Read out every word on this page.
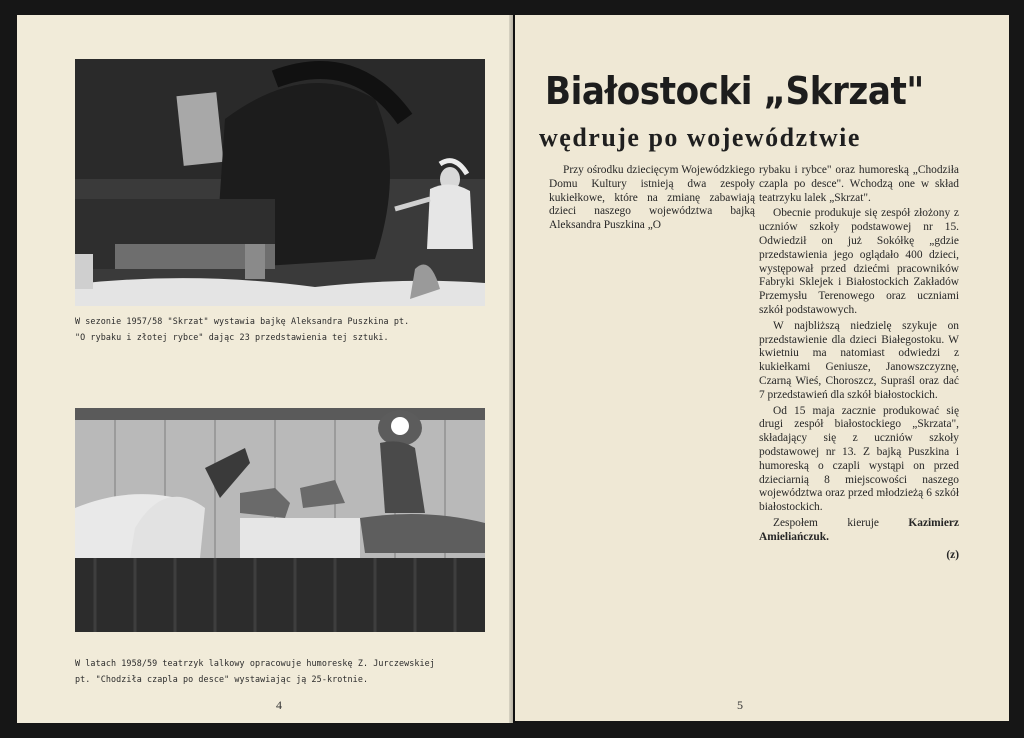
W sezonie 1957/58 "Skrzat" wystawia bajkę Aleksandra Puszkina pt.
"O rybaku i złotej rybce" dając 23 przedstawienia tej sztuki.
W latach 1958/59 teatrzyk lalkowy opracowuje humoreskę Z. Jurczewskiej
pt. "Chodziła czapla po desce" wystawiając ją 25-krotnie.
4
Białostocki „Skrzat"
wędruje po województwie

Przy ośrodku dziecięcym Wojewódzkiego Domu Kultury istnieją dwa zespoły kukiełkowe, które na zmianę zabawiają dzieci naszego województwa bajką Aleksandra Puszkina „O

rybaku i rybce" oraz humoreską „Chodziła czapla po desce". Wchodzą one w skład teatrzyku lalek „Skrzat".

Obecnie produkuje się zespół złożony z uczniów szkoły podstawowej nr 15. Odwiedził on już Sokółkę „gdzie przedstawienia jego oglądało 400 dzieci, występował przed dziećmi pracowników Fabryki Sklejek i Białostockich Zakładów Przemysłu Terenowego oraz uczniami szkół podstawowych.

W najbliższą niedzielę szykuje on przedstawienie dla dzieci Białegostoku. W kwietniu ma natomiast odwiedzi z kukiełkami Geniusze, Janowszczyznę, Czarną Wieś, Choroszcz, Supraśl oraz dać 7 przedstawień dla szkół białostockich.

Od 15 maja zacznie produkować się drugi zespół białostockiego „Skrzata", składający się z uczniów szkoły podstawowej nr 13. Z bajką Puszkina i humoreską o czapli wystąpi on przed dziecіarnią 8 miejscowości naszego województwa oraz przed młodzieżą 6 szkół białostockich.

Zespołem kieruje	Kazimierz Amieliańczuk.

(z)

5
